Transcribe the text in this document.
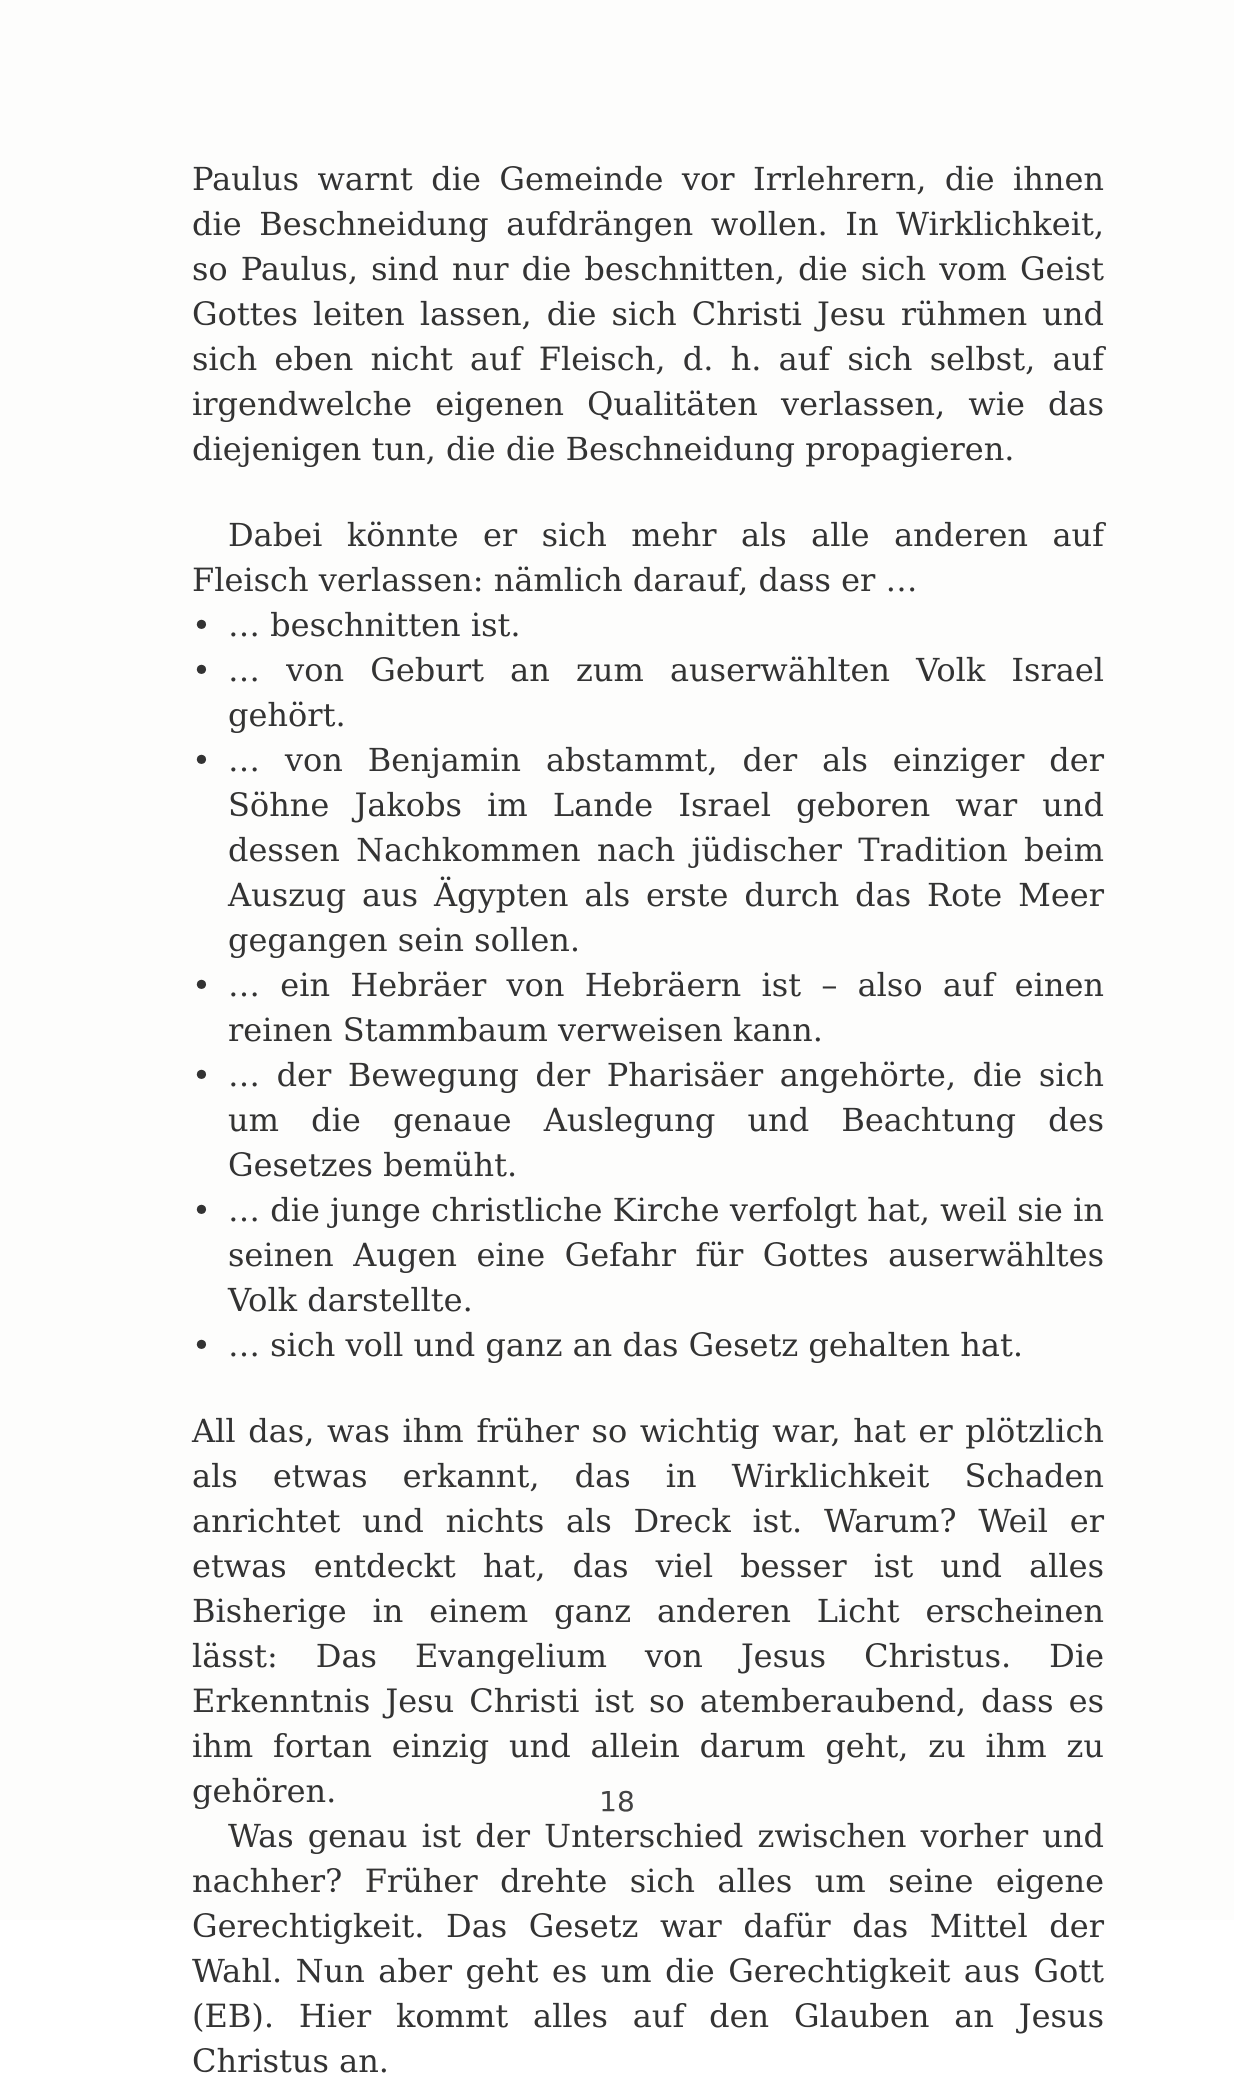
Paulus warnt die Gemeinde vor Irrlehrern, die ihnen die Beschneidung aufdrängen wollen. In Wirklichkeit, so Paulus, sind nur die beschnitten, die sich vom Geist Gottes leiten lassen, die sich Christi Jesu rühmen und sich eben nicht auf Fleisch, d. h. auf sich selbst, auf irgendwelche eigenen Qualitäten verlassen, wie das diejenigen tun, die die Beschneidung propagieren.

Dabei könnte er sich mehr als alle anderen auf Fleisch verlassen: nämlich darauf, dass er …

• … beschnitten ist.
• … von Geburt an zum auserwählten Volk Israel gehört.
• … von Benjamin abstammt, der als einziger der Söhne Jakobs im Lande Israel geboren war und dessen Nachkommen nach jüdischer Tradition beim Auszug aus Ägypten als erste durch das Rote Meer gegangen sein sollen.
• … ein Hebräer von Hebräern ist – also auf einen reinen Stammbaum verweisen kann.
• … der Bewegung der Pharisäer angehörte, die sich um die genaue Auslegung und Beachtung des Gesetzes bemüht.
• … die junge christliche Kirche verfolgt hat, weil sie in seinen Augen eine Gefahr für Gottes auserwähltes Volk darstellte.
• … sich voll und ganz an das Gesetz gehalten hat.

All das, was ihm früher so wichtig war, hat er plötzlich als etwas erkannt, das in Wirklichkeit Schaden anrichtet und nichts als Dreck ist. Warum? Weil er etwas entdeckt hat, das viel besser ist und alles Bisherige in einem ganz anderen Licht erscheinen lässt: Das Evangelium von Jesus Christus. Die Erkenntnis Jesu Christi ist so atemberaubend, dass es ihm fortan einzig und allein darum geht, zu ihm zu gehören.

Was genau ist der Unterschied zwischen vorher und nachher? Früher drehte sich alles um seine eigene Gerechtigkeit. Das Gesetz war dafür das Mittel der Wahl. Nun aber geht es um die Gerechtigkeit aus Gott (EB). Hier kommt alles auf den Glauben an Jesus Christus an.

18
